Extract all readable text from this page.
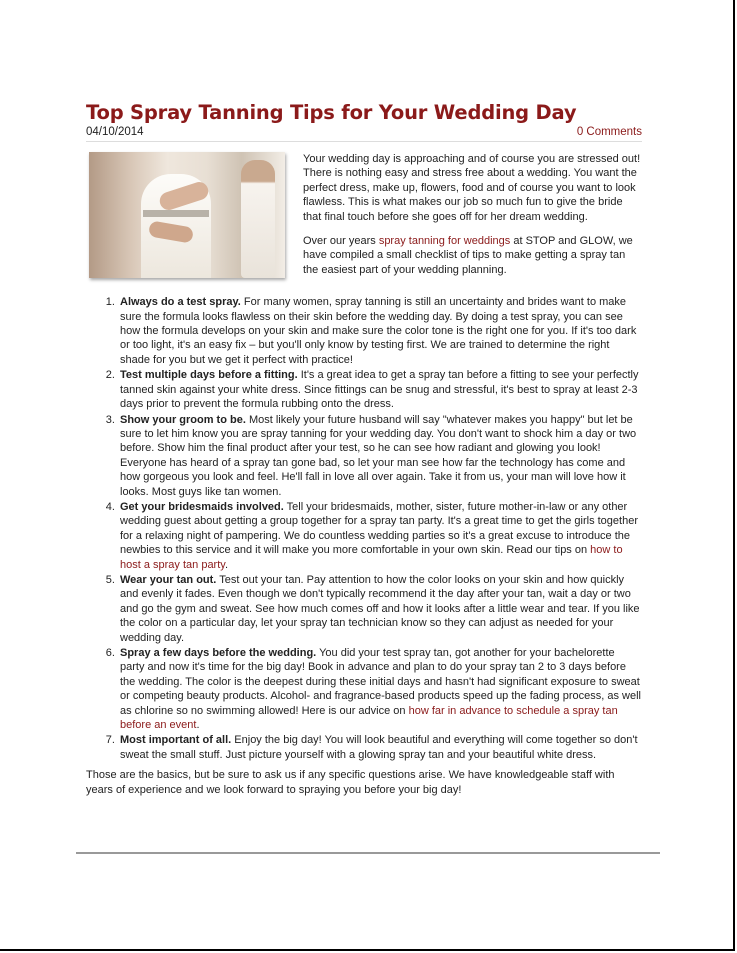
Top Spray Tanning Tips for Your Wedding Day
04/10/2014	0 Comments

Your wedding day is approaching and of course you are stressed out! There is nothing easy and stress free about a wedding. You want the perfect dress, make up, flowers, food and of course you want to look flawless. This is what makes our job so much fun to give the bride that final touch before she goes off for her dream wedding.

Over our years spray tanning for weddings at STOP and GLOW, we have compiled a small checklist of tips to make getting a spray tan the easiest part of your wedding planning.

1. Always do a test spray. For many women, spray tanning is still an uncertainty and brides want to make sure the formula looks flawless on their skin before the wedding day. By doing a test spray, you can see how the formula develops on your skin and make sure the color tone is the right one for you. If it's too dark or too light, it's an easy fix – but you'll only know by testing first. We are trained to determine the right shade for you but we get it perfect with practice!
2. Test multiple days before a fitting. It's a great idea to get a spray tan before a fitting to see your perfectly tanned skin against your white dress. Since fittings can be snug and stressful, it's best to spray at least 2-3 days prior to prevent the formula rubbing onto the dress.
3. Show your groom to be. Most likely your future husband will say "whatever makes you happy" but let be sure to let him know you are spray tanning for your wedding day. You don't want to shock him a day or two before. Show him the final product after your test, so he can see how radiant and glowing you look! Everyone has heard of a spray tan gone bad, so let your man see how far the technology has come and how gorgeous you look and feel. He'll fall in love all over again. Take it from us, your man will love how it looks. Most guys like tan women.
4. Get your bridesmaids involved. Tell your bridesmaids, mother, sister, future mother-in-law or any other wedding guest about getting a group together for a spray tan party. It's a great time to get the girls together for a relaxing night of pampering. We do countless wedding parties so it's a great excuse to introduce the newbies to this service and it will make you more comfortable in your own skin. Read our tips on how to host a spray tan party.
5. Wear your tan out. Test out your tan. Pay attention to how the color looks on your skin and how quickly and evenly it fades. Even though we don't typically recommend it the day after your tan, wait a day or two and go the gym and sweat. See how much comes off and how it looks after a little wear and tear. If you like the color on a particular day, let your spray tan technician know so they can adjust as needed for your wedding day.
6. Spray a few days before the wedding. You did your test spray tan, got another for your bachelorette party and now it's time for the big day! Book in advance and plan to do your spray tan 2 to 3 days before the wedding. The color is the deepest during these initial days and hasn't had significant exposure to sweat or competing beauty products. Alcohol- and fragrance-based products speed up the fading process, as well as chlorine so no swimming allowed! Here is our advice on how far in advance to schedule a spray tan before an event.
7. Most important of all. Enjoy the big day! You will look beautiful and everything will come together so don't sweat the small stuff. Just picture yourself with a glowing spray tan and your beautiful white dress.

Those are the basics, but be sure to ask us if any specific questions arise. We have knowledgeable staff with years of experience and we look forward to spraying you before your big day!
